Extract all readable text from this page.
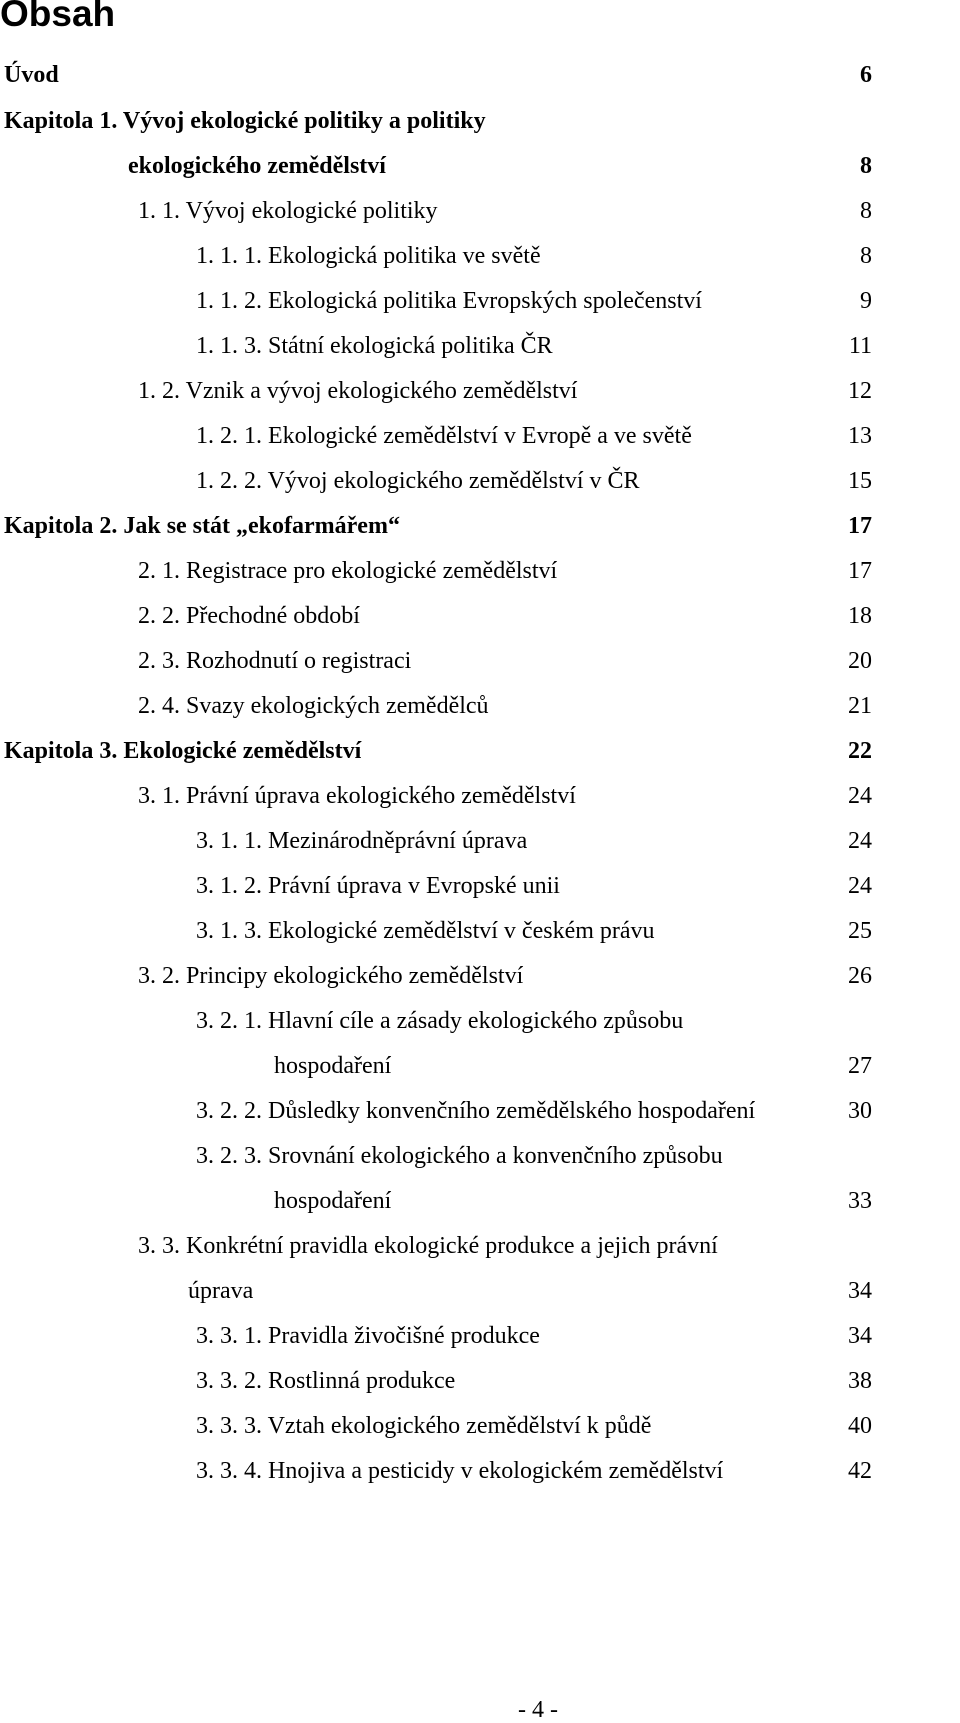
Obsah
Úvod	6
Kapitola 1. Vývoj ekologické politiky a politiky
ekologického zemědělství	8
1. 1. Vývoj ekologické politiky	8
1. 1. 1. Ekologická politika ve světě	8
1. 1. 2. Ekologická politika Evropských společenství	9
1. 1. 3. Státní ekologická politika ČR	11
1. 2. Vznik a vývoj ekologického zemědělství	12
1. 2. 1. Ekologické zemědělství v Evropě a ve světě	13
1. 2. 2. Vývoj ekologického zemědělství v ČR	15
Kapitola 2. Jak se stát „ekofarmářem“	17
2. 1. Registrace pro ekologické zemědělství	17
2. 2. Přechodné období	18
2. 3. Rozhodnutí o registraci	20
2. 4. Svazy ekologických zemědělců	21
Kapitola 3. Ekologické zemědělství	22
3. 1. Právní úprava ekologického zemědělství	24
3. 1. 1. Mezinárodněprávní úprava	24
3. 1. 2. Právní úprava v Evropské unii	24
3. 1. 3. Ekologické zemědělství v českém právu	25
3. 2. Principy ekologického zemědělství	26
3. 2. 1. Hlavní cíle a zásady ekologického způsobu
hospodaření	27
3. 2. 2. Důsledky konvenčního zemědělského hospodaření	30
3. 2. 3. Srovnání ekologického a konvenčního způsobu
hospodaření	33
3. 3. Konkrétní pravidla ekologické produkce a jejich právní
úprava	34
3. 3. 1. Pravidla živočišné produkce	34
3. 3. 2. Rostlinná produkce	38
3. 3. 3. Vztah ekologického zemědělství k půdě	40
3. 3. 4. Hnojiva a pesticidy v ekologickém zemědělství	42
- 4 -
